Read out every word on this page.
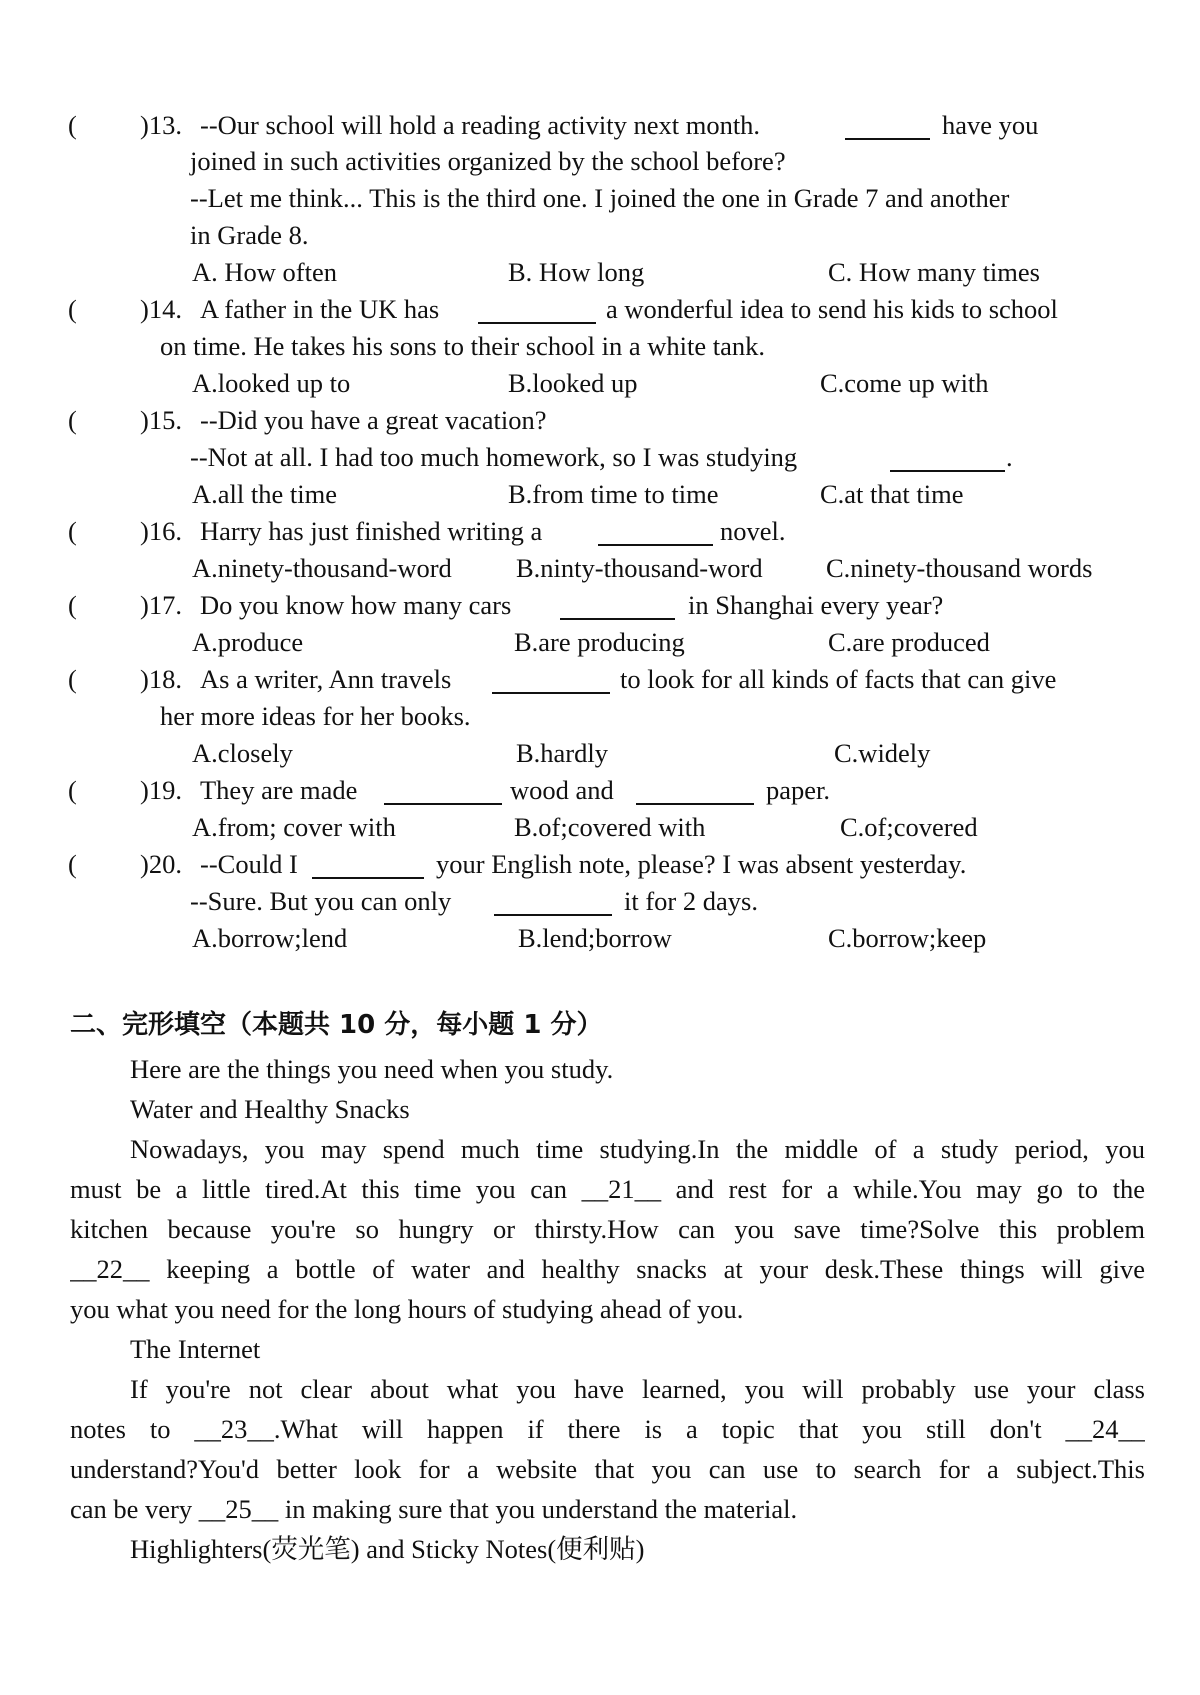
( )13. --Our school will hold a reading activity next month.	have you
joined in such activities organized by the school before?
--Let me think... This is the third one. I joined the one in Grade 7 and another
in Grade 8.
A. How often	B. How long	C. How many times
( )14. A father in the UK has	a wonderful idea to send his kids to school
on time. He takes his sons to their school in a white tank.
A.looked up to	B.looked up	C.come up with
( )15. --Did you have a great vacation?
--Not at all. I had too much homework, so I was studying	.
A.all the time	B.from time to time	C.at that time
( )16. Harry has just finished writing a	novel.
A.ninety-thousand-word B.ninty-thousand-word C.ninety-thousand words
( )17. Do you know how many cars	in Shanghai every year?
A.produce	B.are producing	C.are produced
( )18. As a writer, Ann travels	to look for all kinds of facts that can give
her more ideas for her books.
A.closely	B.hardly	C.widely
( )19. They are made	wood and	paper.
A.from; cover with	B.of;covered with	C.of;covered
( )20. --Could I	your English note, please? I was absent yesterday.
--Sure. But you can only	it for 2 days.
A.borrow;lend	B.lend;borrow	C.borrow;keep
二、完形填空（本题共 10 分，每小题 1 分）
Here are the things you need when you study.
Water and Healthy Snacks
Nowadays, you may spend much time studying.In the middle of a study period, you
must be a little tired.At this time you can __21__ and rest for a while.You may go to the
kitchen because you're so hungry or thirsty.How can you save time?Solve this problem
__22__ keeping a bottle of water and healthy snacks at your desk.These things will give
you what you need for the long hours of studying ahead of you.
The Internet
If you're not clear about what you have learned, you will probably use your class
notes to __23__.What will happen if there is a topic that you still don't __24__
understand?You'd better look for a website that you can use to search for a subject.This
can be very __25__ in making sure that you understand the material.
Highlighters(荧光笔) and Sticky Notes(便利贴)
